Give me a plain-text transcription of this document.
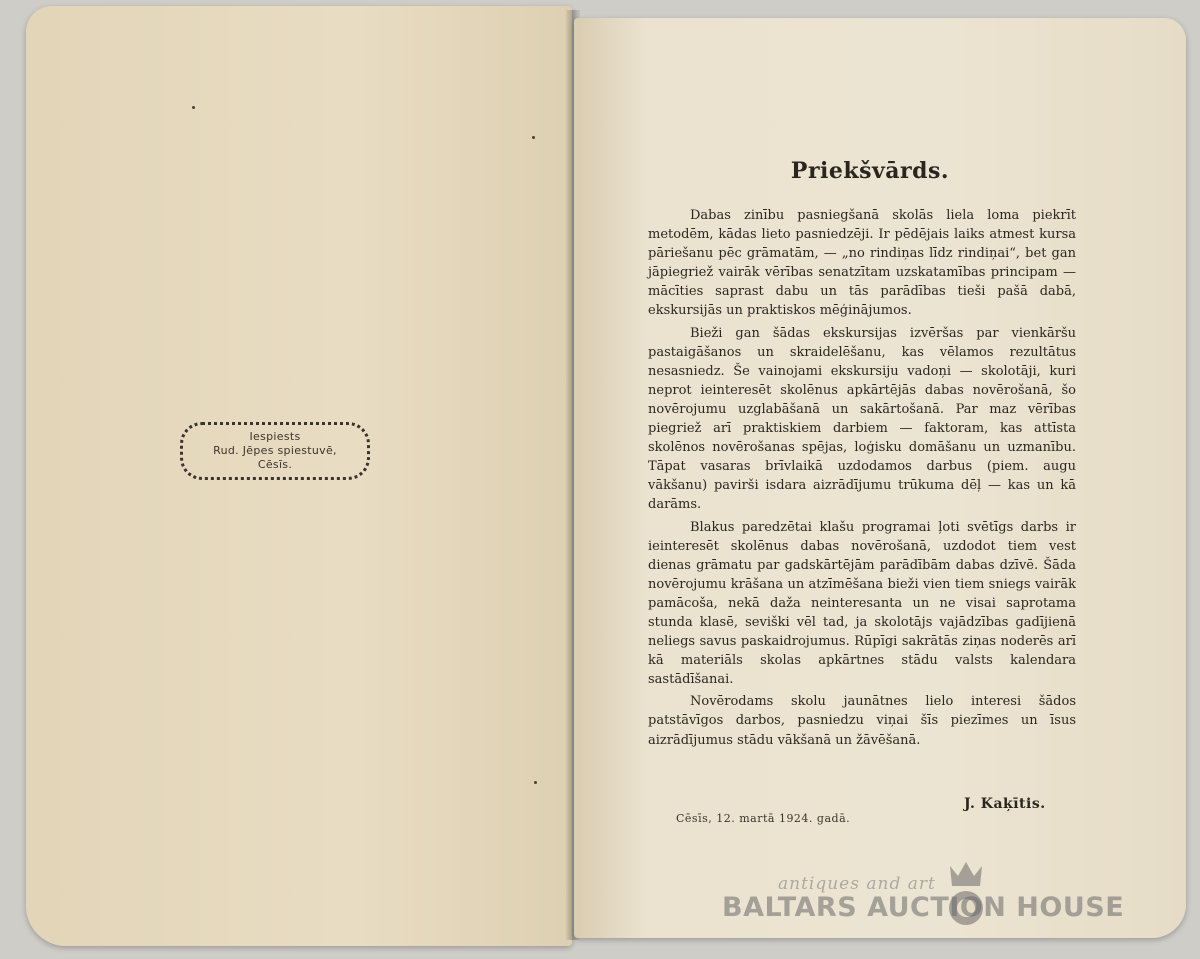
Iespiests
Rud. Jēpes spiestuvē,
Cēsīs.
Priekšvārds.

Dabas zinību pasniegšanā skolās liela loma piekrīt metodēm, kādas lieto pasniedzēji. Ir pēdējais laiks atmest kursa pāriešanu pēc grāmatām, — „no rindiņas līdz rindiņai“, bet gan jāpiegriež vairāk vērības senatzītam uzskatamības principam — mācīties saprast dabu un tās parādības tieši pašā dabā, ekskursijās un praktiskos mēģinājumos.

Bieži gan šādas ekskursijas izvēršas par vienkāršu pastaigāšanos un skraidelēšanu, kas vēlamos rezultātus nesasniedz. Še vainojami ekskursiju vadoņi — skolotāji, kuri neprot ieinteresēt skolēnus apkārtējās dabas novērošanā, šo novērojumu uzglabāšanā un sakārtošanā. Par maz vērības piegriež arī praktiskiem darbiem — faktoram, kas attīsta skolēnos novērošanas spējas, loģisku domāšanu un uzmanību. Tāpat vasaras brīvlaikā uzdodamos darbus (piem. augu vākšanu) pavirši isdara aizrādījumu trūkuma dēļ — kas un kā darāms.

Blakus paredzētai klašu programai ļoti svētīgs darbs ir ieinteresēt skolēnus dabas novērošanā, uzdodot tiem vest dienas grāmatu par gadskārtējām parādībām dabas dzīvē. Šāda novērojumu krāšana un atzīmēšana bieži vien tiem sniegs vairāk pamācoša, nekā daža neinteresanta un ne visai saprotama stunda klasē, seviški vēl tad, ja skolotājs vajādzības gadījienā neliegs savus paskaidrojumus. Rūpīgi sakrātās ziņas noderēs arī kā materiāls skolas apkārtnes stādu valsts kalendara sastādīšanai.

Novērodams skolu jaunātnes lielo interesi šādos patstāvīgos darbos, pasniedzu viņai šīs piezīmes un īsus aizrādījumus stādu vākšanā un žāvēšanā.

J. Kaķītis.
Cēsīs, 12. martā 1924. gadā.
antiques and art
BALTARS AUCTION HOUSE
